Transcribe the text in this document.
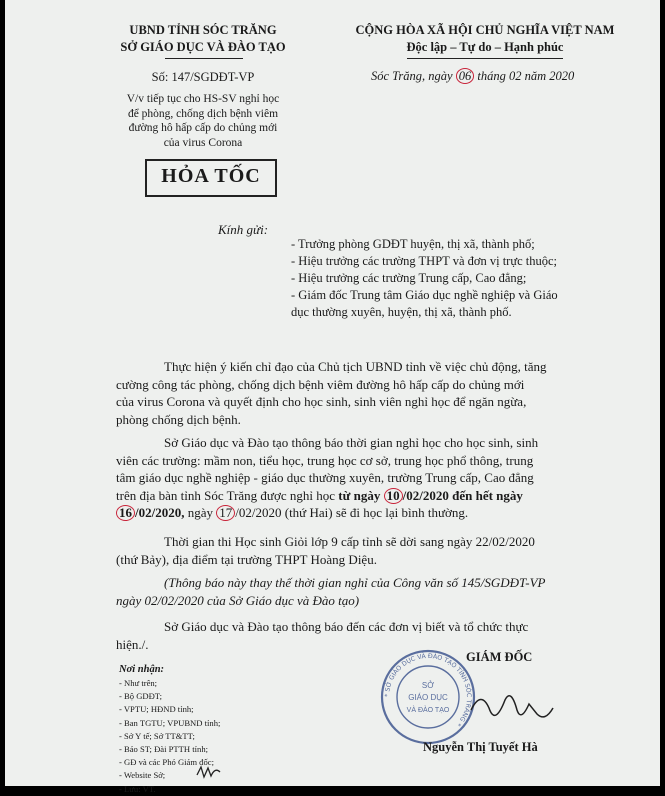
UBND TỈNH SÓC TRĂNG
SỞ GIÁO DỤC VÀ ĐÀO TẠO
Số: 147/SGDĐT-VP
V/v tiếp tục cho HS-SV nghỉ học
để phòng, chống dịch bệnh viêm
đường hô hấp cấp do chủng mới
của virus Corona
HỎA TỐC
CỘNG HÒA XÃ HỘI CHỦ NGHĨA VIỆT NAM
Độc lập – Tự do – Hạnh phúc
Sóc Trăng, ngày 06 tháng 02 năm 2020
Kính gửi:
- Trưởng phòng GDĐT huyện, thị xã, thành phố;
- Hiệu trưởng các trường THPT và đơn vị trực thuộc;
- Hiệu trưởng các trường Trung cấp, Cao đẳng;
- Giám đốc Trung tâm Giáo dục nghề nghiệp và Giáo
dục thường xuyên, huyện, thị xã, thành phố.
Thực hiện ý kiến chỉ đạo của Chủ tịch UBND tỉnh về việc chủ động, tăng
cường công tác phòng, chống dịch bệnh viêm đường hô hấp cấp do chủng mới
của virus Corona và quyết định cho học sinh, sinh viên nghỉ học để ngăn ngừa,
phòng chống dịch bệnh.
Sở Giáo dục và Đào tạo thông báo thời gian nghỉ học cho học sinh, sinh
viên các trường: mầm non, tiểu học, trung học cơ sở, trung học phổ thông, trung
tâm giáo dục nghề nghiệp - giáo dục thường xuyên, trường Trung cấp, Cao đẳng
trên địa bàn tỉnh Sóc Trăng được nghỉ học từ ngày 10 /02/2020 đến hết ngày
16 /02/2020, ngày 17 /02/2020 (thứ Hai) sẽ đi học lại bình thường.
Thời gian thi Học sinh Giỏi lớp 9 cấp tỉnh sẽ dời sang ngày 22/02/2020
(thứ Bảy), địa điểm tại trường THPT Hoàng Diệu.
(Thông báo này thay thế thời gian nghỉ của Công văn số 145/SGDĐT-VP
ngày 02/02/2020 của Sở Giáo dục và Đào tạo)
Sở Giáo dục và Đào tạo thông báo đến các đơn vị biết và tổ chức thực
hiện./.
Nơi nhận:
- Như trên;
- Bộ GDĐT;
- VPTU; HĐND tỉnh;
- Ban TGTU; VPUBND tỉnh;
- Sở Y tế; Sở TT&TT;
- Báo ST; Đài PTTH tỉnh;
- GĐ và các Phó Giám đốc;
- Website Sở;
- Lưu: VT.
GIÁM ĐỐC
* SỞ GIÁO DỤC VÀ ĐÀO TẠO TỈNH SÓC TRĂNG *
SỞ
GIÁO DỤC
VÀ ĐÀO TẠO
Nguyễn Thị Tuyết Hà
